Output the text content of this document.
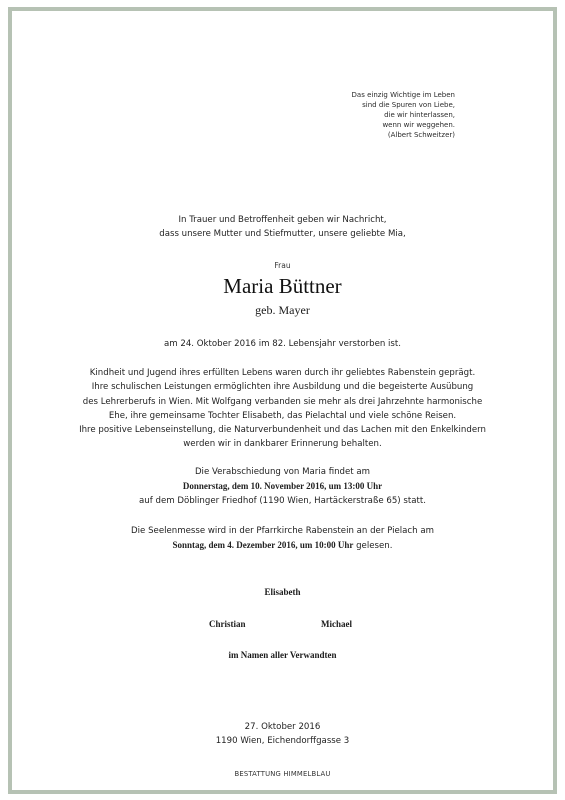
Das einzig Wichtige im Leben
sind die Spuren von Liebe,
die wir hinterlassen,
wenn wir weggehen.
(Albert Schweitzer)
In Trauer und Betroffenheit geben wir Nachricht,
dass unsere Mutter und Stiefmutter, unsere geliebte Mia,
Frau
Maria Büttner
geb. Mayer
am 24. Oktober 2016 im 82. Lebensjahr verstorben ist.
Kindheit und Jugend ihres erfüllten Lebens waren durch ihr geliebtes Rabenstein geprägt.
Ihre schulischen Leistungen ermöglichten ihre Ausbildung und die begeisterte Ausübung
des Lehrerberufs in Wien. Mit Wolfgang verbanden sie mehr als drei Jahrzehnte harmonische
Ehe, ihre gemeinsame Tochter Elisabeth, das Pielachtal und viele schöne Reisen.
Ihre positive Lebenseinstellung, die Naturverbundenheit und das Lachen mit den Enkelkindern
werden wir in dankbarer Erinnerung behalten.
Die Verabschiedung von Maria findet am
Donnerstag, dem 10. November 2016, um 13:00 Uhr
auf dem Döblinger Friedhof (1190 Wien, Hartäckerstraße 65) statt.
Die Seelenmesse wird in der Pfarrkirche Rabenstein an der Pielach am
Sonntag, dem 4. Dezember 2016, um 10:00 Uhr gelesen.
Elisabeth
Christian	Michael
im Namen aller Verwandten
27. Oktober 2016
1190 Wien, Eichendorffgasse 3
BESTATTUNG HIMMELBLAU
